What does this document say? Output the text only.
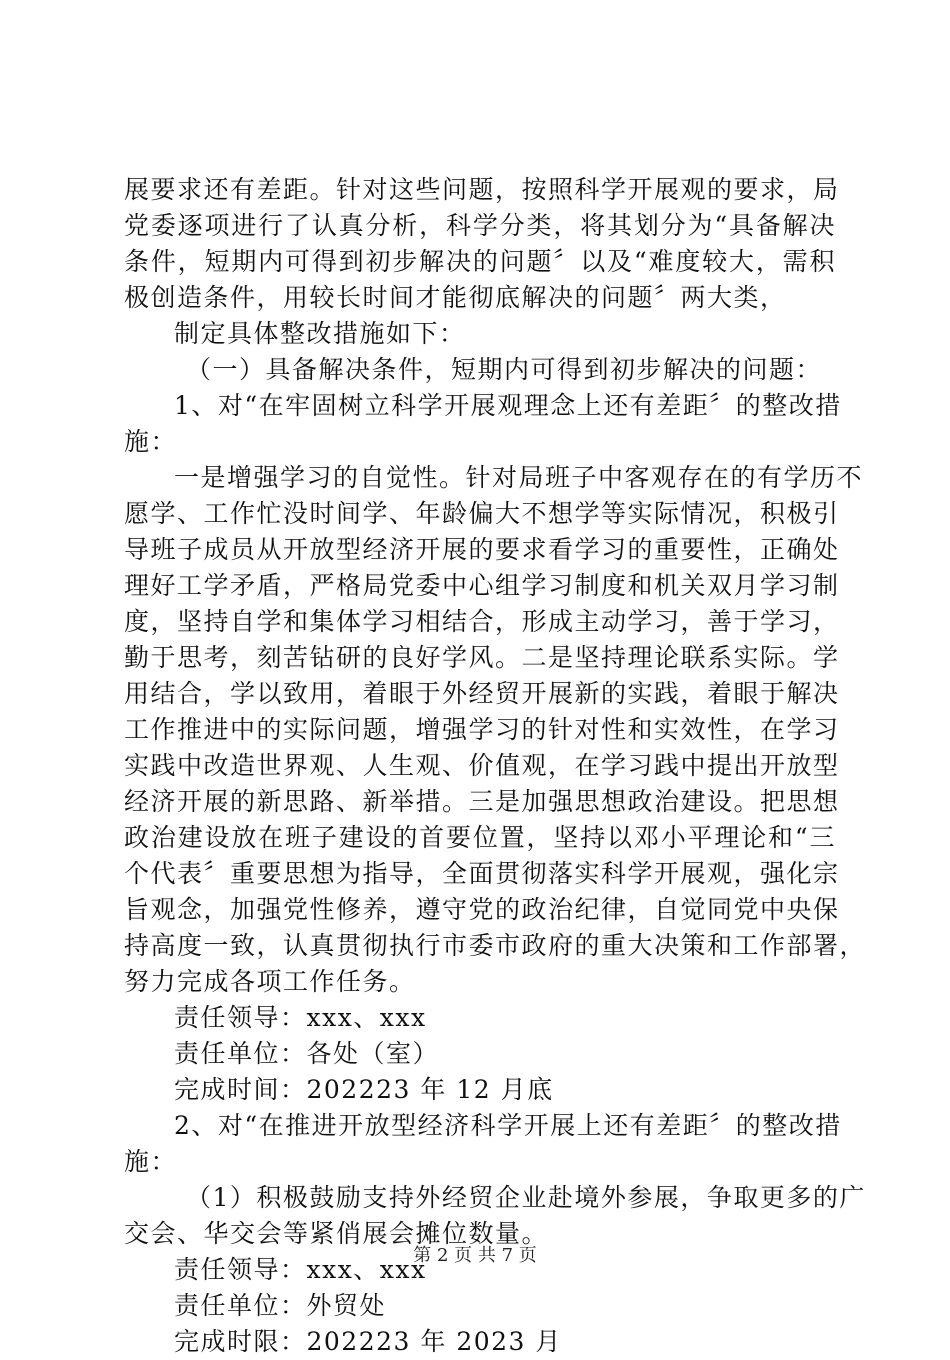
展要求还有差距。针对这些问题，按照科学开展观的要求，局
党委逐项进行了认真分析，科学分类，将其划分为“具备解决
条件，短期内可得到初步解决的问题〞以及“难度较大，需积
极创造条件，用较长时间才能彻底解决的问题〞两大类，
制定具体整改措施如下：
（一）具备解决条件，短期内可得到初步解决的问题：
1、对“在牢固树立科学开展观理念上还有差距〞的整改措
施：
一是增强学习的自觉性。针对局班子中客观存在的有学历不
愿学、工作忙没时间学、年龄偏大不想学等实际情况，积极引
导班子成员从开放型经济开展的要求看学习的重要性，正确处
理好工学矛盾，严格局党委中心组学习制度和机关双月学习制
度，坚持自学和集体学习相结合，形成主动学习，善于学习，
勤于思考，刻苦钻研的良好学风。二是坚持理论联系实际。学
用结合，学以致用，着眼于外经贸开展新的实践，着眼于解决
工作推进中的实际问题，增强学习的针对性和实效性，在学习
实践中改造世界观、人生观、价值观，在学习践中提出开放型
经济开展的新思路、新举措。三是加强思想政治建设。把思想
政治建设放在班子建设的首要位置，坚持以邓小平理论和“三
个代表〞重要思想为指导，全面贯彻落实科学开展观，强化宗
旨观念，加强党性修养，遵守党的政治纪律，自觉同党中央保
持高度一致，认真贯彻执行市委市政府的重大决策和工作部署，
努力完成各项工作任务。
责任领导：xxx、xxx
责任单位：各处（室）
完成时间：202223 年 12 月底
2、对“在推进开放型经济科学开展上还有差距〞的整改措
施：
（1）积极鼓励支持外经贸企业赴境外参展，争取更多的广
交会、华交会等紧俏展会摊位数量。
责任领导：xxx、xxx
责任单位：外贸处
完成时限：202223 年 2023 月
第 2 页 共 7 页
